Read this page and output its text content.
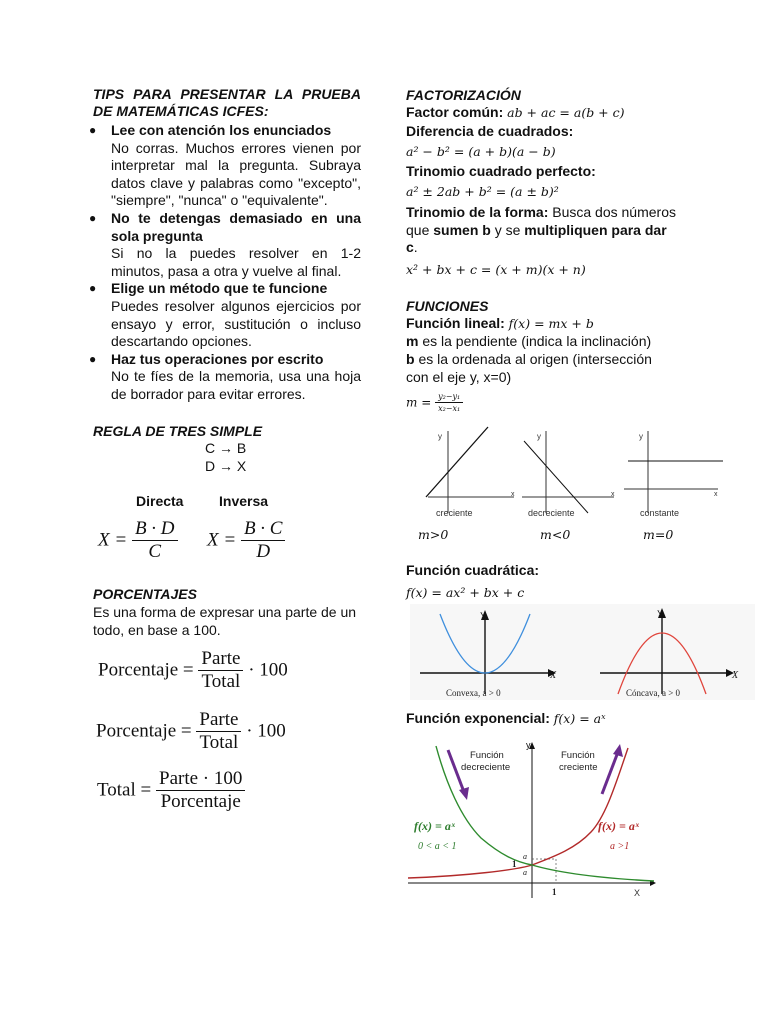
TIPS PARA PRESENTAR LA PRUEBA DE MATEMÁTICAS ICFES:
● Lee con atención los enunciados
No corras. Muchos errores vienen por interpretar mal la pregunta. Subraya datos clave y palabras como "excepto", "siempre", "nunca" o "equivalente".
● No te detengas demasiado en una sola pregunta
Si no la puedes resolver en 1-2 minutos, pasa a otra y vuelve al final.
● Elige un método que te funcione
Puedes resolver algunos ejercicios por ensayo y error, sustitución o incluso descartando opciones.
● Haz tus operaciones por escrito
No te fíes de la memoria, usa una hoja de borrador para evitar errores.
REGLA DE TRES SIMPLE
C → B
D → X
Directa	Inversa
$X = \frac{B \cdot D}{C}$ $X = \frac{B \cdot C}{D}$
PORCENTAJES
Es una forma de expresar una parte de un todo, en base a 100.
Porcentaje = $\frac{\text{Parte}}{\text{Total}} \cdot 100$
Porcentaje = $\frac{\text{Parte}}{\text{Total}} \cdot 100$
Total = $\frac{\text{Parte · 100}}{\text{Porcentaje}}$
FACTORIZACIÓN
Factor común: ab + ac = a(b + c)
Diferencia de cuadrados:
a² − b² = (a + b)(a − b)
Trinomio cuadrado perfecto:
a² ± 2ab + b² = (a ± b)²
Trinomio de la forma: Busca dos números que sumen b y se multipliquen para dar c.
x² + bx + c = (x + m)(x + n)
FUNCIONES
Función lineal: f(x) = mx + b
m es la pendiente (indica la inclinación)
b es la ordenada al origen (intersección con el eje y, x=0)
$m = \frac{\text{y₂−y₁}}{\text{x₂−x₁}}$
y
x
creciente
y
x
decreciente
y
x
constante
m>0	m<0	m=0
Función cuadrática:
f(x) = ax² + bx + c
Y
X
Convexa, a > 0
Y
X
Cóncava, a > 0
Función exponencial: f(x) = aˣ
y
X
Función
decreciente
Función
creciente
f(x) = aˣ
0 < a < 1
f(x) = aˣ
a >1
a
1
a
1
